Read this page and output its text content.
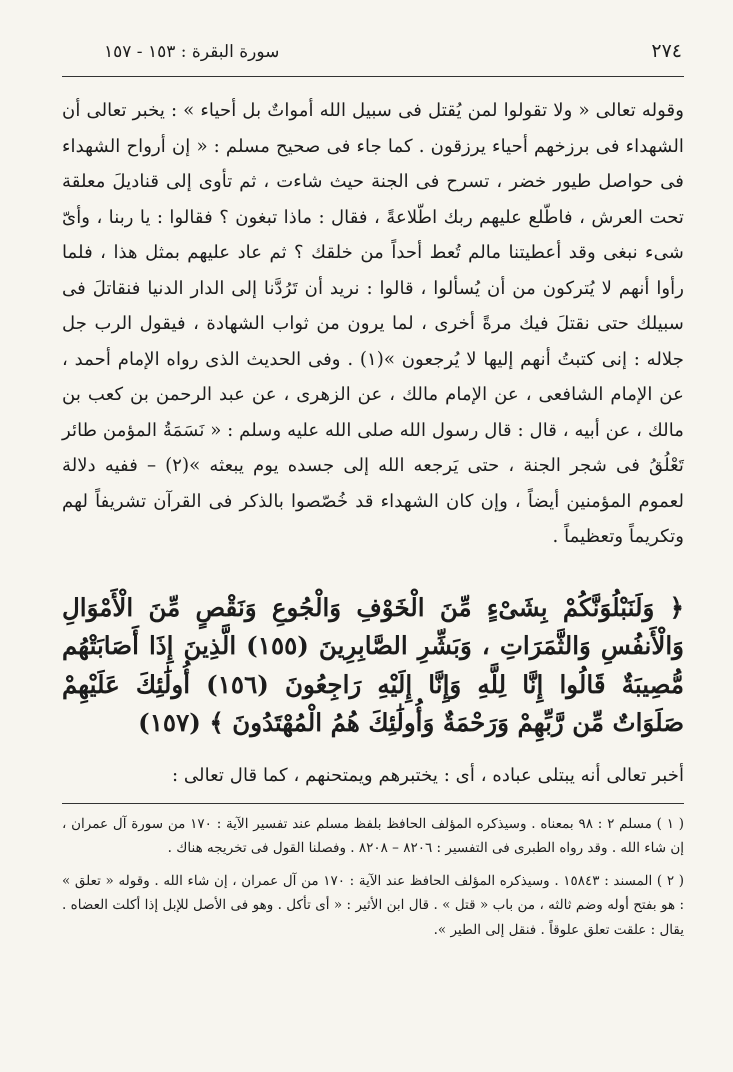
٢٧٤
سورة البقرة : ١٥٣ - ١٥٧
وقوله تعالى « ولا تقولوا لمن يُقتل فى سبيل الله أمواتٌ بل أحياء » : يخبر تعالى أن الشهداء فى برزخهم أحياء يرزقون . كما جاء فى صحيح مسلم : « إن أرواح الشهداء فى حواصل طيور خضر ، تسرح فى الجنة حيث شاءت ، ثم تأوى إلى قناديلَ معلقة تحت العرش ، فاطّلع عليهم ربك اطّلاعةً ، فقال : ماذا تبغون ؟ فقالوا : يا ربنا ، وأىّ شىء نبغى وقد أعطيتنا مالم تُعط أحداً من خلقك ؟ ثم عاد عليهم بمثل هذا ، فلما رأوا أنهم لا يُتركون من أن يُسألوا ، قالوا : نريد أن تَرُدَّنا إلى الدار الدنيا فنقاتلَ فى سبيلك حتى نقتلَ فيك مرةً أخرى ، لما يرون من ثواب الشهادة ، فيقول الرب جل جلاله : إنى كتبتُ أنهم إليها لا يُرجعون »(١) . وفى الحديث الذى رواه الإمام أحمد ، عن الإمام الشافعى ، عن الإمام مالك ، عن الزهرى ، عن عبد الرحمن بن كعب بن مالك ، عن أبيه ، قال : قال رسول الله صلى الله عليه وسلم : « نَسَمَةُ المؤمن طائر تَعْلُقُ فى شجر الجنة ، حتى يَرجعه الله إلى جسده يوم يبعثه »(٢) – ففيه دلالة لعموم المؤمنين أيضاً ، وإن كان الشهداء قد خُصّصوا بالذكر فى القرآن تشريفاً لهم وتكريماً وتعظيماً .
﴿ وَلَنَبْلُوَنَّكُمْ بِشَىْءٍ مِّنَ الْخَوْفِ وَالْجُوعِ وَنَقْصٍ مِّنَ الْأَمْوَالِ وَالْأَنفُسِ وَالثَّمَرَاتِ ، وَبَشِّرِ الصَّابِرِينَ (١٥٥) الَّذِينَ إِذَا أَصَابَتْهُم مُّصِيبَةٌ قَالُوا إِنَّا لِلَّهِ وَإِنَّا إِلَيْهِ رَاجِعُونَ (١٥٦) أُولَٰئِكَ عَلَيْهِمْ صَلَوَاتٌ مِّن رَّبِّهِمْ وَرَحْمَةٌ وَأُولَٰئِكَ هُمُ الْمُهْتَدُونَ ﴾ (١٥٧)
أخبر تعالى أنه يبتلى عباده ، أى : يختبرهم ويمتحنهم ، كما قال تعالى :
( ١ ) مسلم ٢ : ٩٨ بمعناه . وسيذكره المؤلف الحافظ بلفظ مسلم عند تفسير الآية : ١٧٠ من سورة آل عمران ، إن شاء الله . وقد رواه الطبرى فى التفسير : ٨٢٠٦ – ٨٢٠٨ . وفصلنا القول فى تخريجه هناك .
( ٢ ) المسند : ١٥٨٤٣ . وسيذكره المؤلف الحافظ عند الآية : ١٧٠ من آل عمران ، إن شاء الله . وقوله « تعلق » : هو بفتح أوله وضم ثالثه ، من باب « قتل » . قال ابن الأثير : « أى تأكل . وهو فى الأصل للإبل إذا أكلت العضاه . يقال : علقت تعلق علوقاً . فنقل إلى الطير ».
